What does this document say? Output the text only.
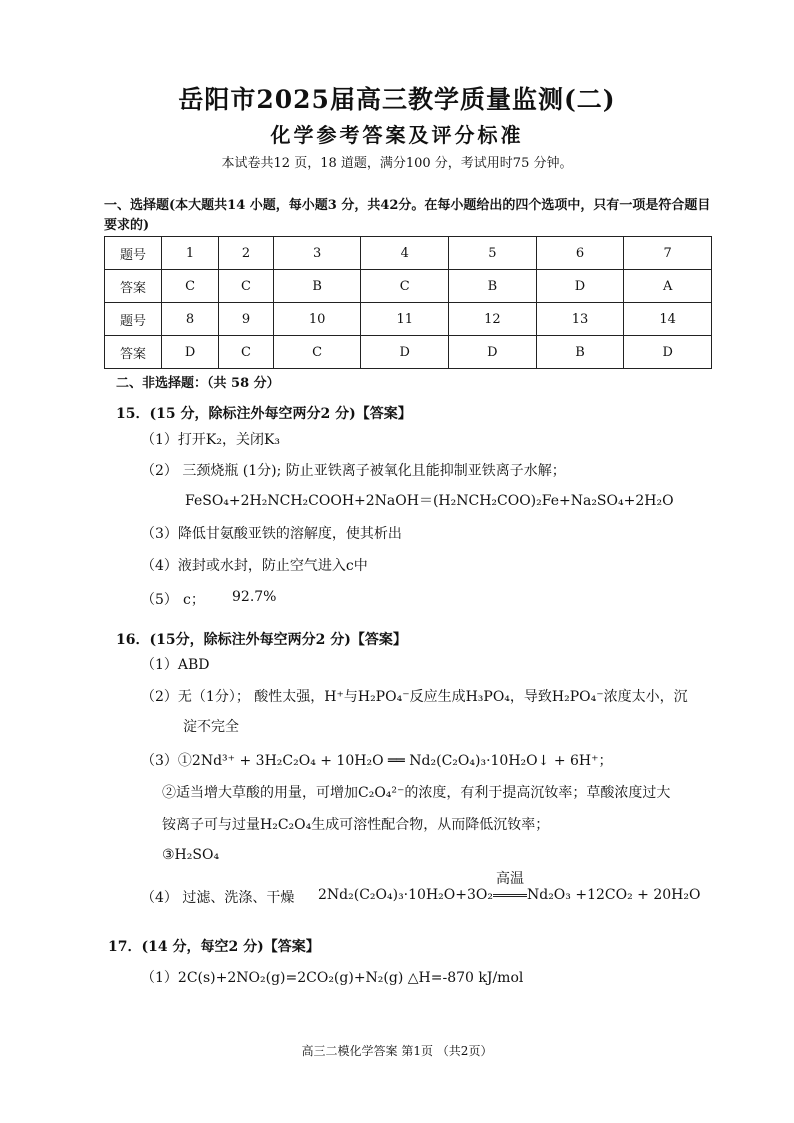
岳阳市2025届高三教学质量监测(二)
化学参考答案及评分标准
本试卷共12 页，18 道题，满分100 分，考试用时75 分钟。
一、选择题(本大题共14 小题，每小题3 分，共42分。在每小题给出的四个选项中，只有一项是符合题目要求的)
题号	1	2	3	4	5	6	7
答案	C	C	B	C	B	D	A
题号	8	9	10	11	12	13	14
答案	D	C	C	D	D	B	D
二、非选择题：（共 58 分）
15．(15 分，除标注外每空两分2 分)【答案】
（1）打开K₂，关闭K₃
（2） 三颈烧瓶 (1分); 防止亚铁离子被氧化且能抑制亚铁离子水解；
FeSO₄+2H₂NCH₂COOH+2NaOH＝(H₂NCH₂COO)₂Fe+Na₂SO₄+2H₂O
（3）降低甘氨酸亚铁的溶解度，使其析出
（4）液封或水封，防止空气进入c中
（5） c； 92.7%
16．(15分，除标注外每空两分2 分)【答案】
（1）ABD
（2）无（1分）； 酸性太强，H⁺与H₂PO₄⁻反应生成H₃PO₄，导致H₂PO₄⁻浓度太小，沉
淀不完全
（3）①2Nd³⁺ + 3H₂C₂O₄ + 10H₂O ══ Nd₂(C₂O₄)₃·10H₂O↓ + 6H⁺；
②适当增大草酸的用量，可增加C₂O₄²⁻的浓度，有利于提高沉钕率；草酸浓度过大
铵离子可与过量H₂C₂O₄生成可溶性配合物，从而降低沉钕率；
③H₂SO₄
（4） 过滤、洗涤、干燥 2Nd₂(C₂O₄)₃·10H₂O+3O₂
高温
Nd₂O₃ +12CO₂ + 20H₂O
17．(14 分，每空2 分)【答案】
（1）2C(s)+2NO₂(g)=2CO₂(g)+N₂(g) △H=-870 kJ/mol
高三二模化学答案 第1页 （共2页）
